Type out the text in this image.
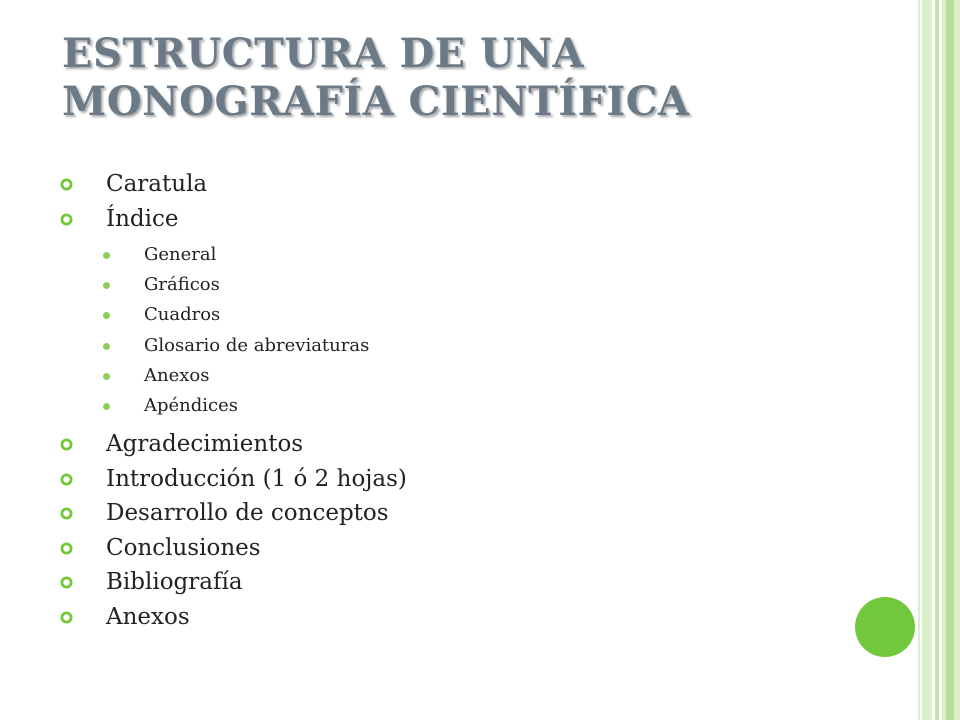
ESTRUCTURA DE UNA
MONOGRAFÍA CIENTÍFICA
Caratula
Índice
General
Gráficos
Cuadros
Glosario de abreviaturas
Anexos
Apéndices
Agradecimientos
Introducción (1 ó 2 hojas)
Desarrollo de conceptos
Conclusiones
Bibliografía
Anexos
